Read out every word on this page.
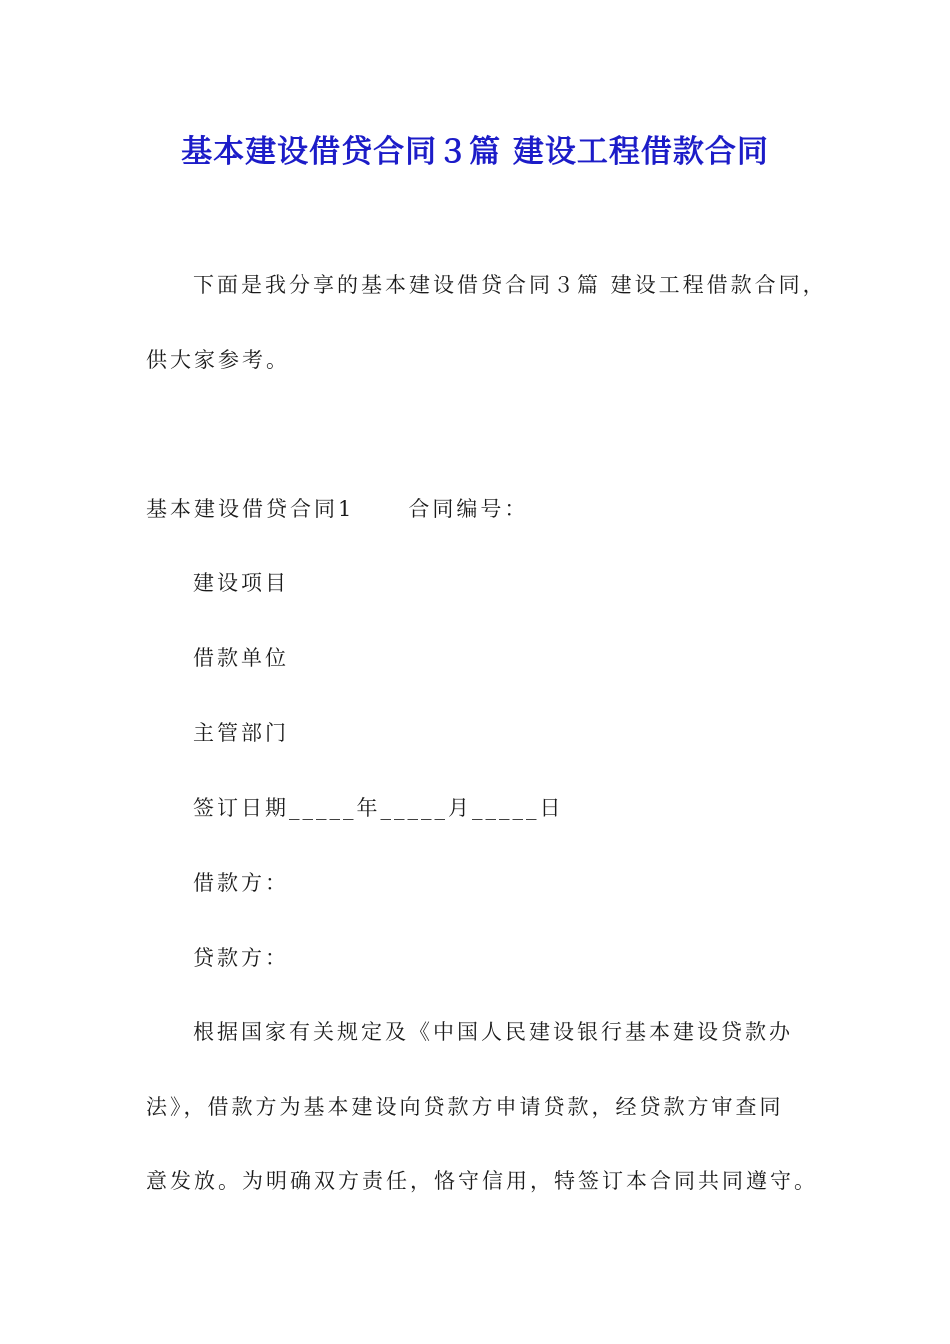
基本建设借贷合同３篇 建设工程借款合同
下面是我分享的基本建设借贷合同３篇 建设工程借款合同，
供大家参考。
基本建设借贷合同1	合同编号：
建设项目
借款单位
主管部门
签订日期_____年_____月_____日
借款方：
贷款方：
根据国家有关规定及《中国人民建设银行基本建设贷款办
法》，借款方为基本建设向贷款方申请贷款，经贷款方审查同
意发放。为明确双方责任，恪守信用，特签订本合同共同遵守。
